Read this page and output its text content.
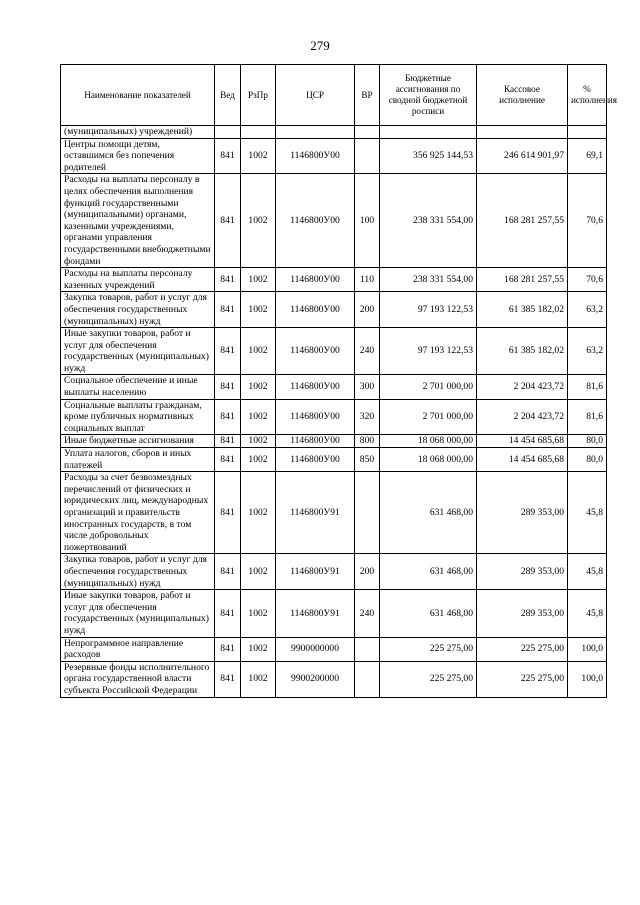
279
Наименование показателей	Вед	РзПр	ЦСР	ВР	Бюджетные ассигнования по сводной бюджетной росписи	Кассовое исполнение	% исполнения
(муниципальных) учреждений)							
Центры помощи детям, оставшимся без попечения родителей	841	1002	1146800У00		356 925 144,53	246 614 901,97	69,1
Расходы на выплаты персоналу в целях обеспечения выполнения функций государственными (муниципальными) органами, казенными учреждениями, органами управления государственными внебюджетными фондами	841	1002	1146800У00	100	238 331 554,00	168 281 257,55	70,6
Расходы на выплаты персоналу казенных учреждений	841	1002	1146800У00	110	238 331 554,00	168 281 257,55	70,6
Закупка товаров, работ и услуг для обеспечения государственных (муниципальных) нужд	841	1002	1146800У00	200	97 193 122,53	61 385 182,02	63,2
Иные закупки товаров, работ и услуг для обеспечения государственных (муниципальных) нужд	841	1002	1146800У00	240	97 193 122,53	61 385 182,02	63,2
Социальное обеспечение и иные выплаты населению	841	1002	1146800У00	300	2 701 000,00	2 204 423,72	81,6
Социальные выплаты гражданам, кроме публичных нормативных социальных выплат	841	1002	1146800У00	320	2 701 000,00	2 204 423,72	81,6
Иные бюджетные ассигнования	841	1002	1146800У00	800	18 068 000,00	14 454 685,68	80,0
Уплата налогов, сборов и иных платежей	841	1002	1146800У00	850	18 068 000,00	14 454 685,68	80,0
Расходы за счет безвозмездных перечислений от физических и юридических лиц, международных организаций и правительств иностранных государств, в том числе добровольных пожертвований	841	1002	1146800У91		631 468,00	289 353,00	45,8
Закупка товаров, работ и услуг для обеспечения государственных (муниципальных) нужд	841	1002	1146800У91	200	631 468,00	289 353,00	45,8
Иные закупки товаров, работ и услуг для обеспечения государственных (муниципальных) нужд	841	1002	1146800У91	240	631 468,00	289 353,00	45,8
Непрограммное направление расходов	841	1002	9900000000		225 275,00	225 275,00	100,0
Резервные фонды исполнительного органа государственной власти субъекта Российской Федерации	841	1002	9900200000		225 275,00	225 275,00	100,0
